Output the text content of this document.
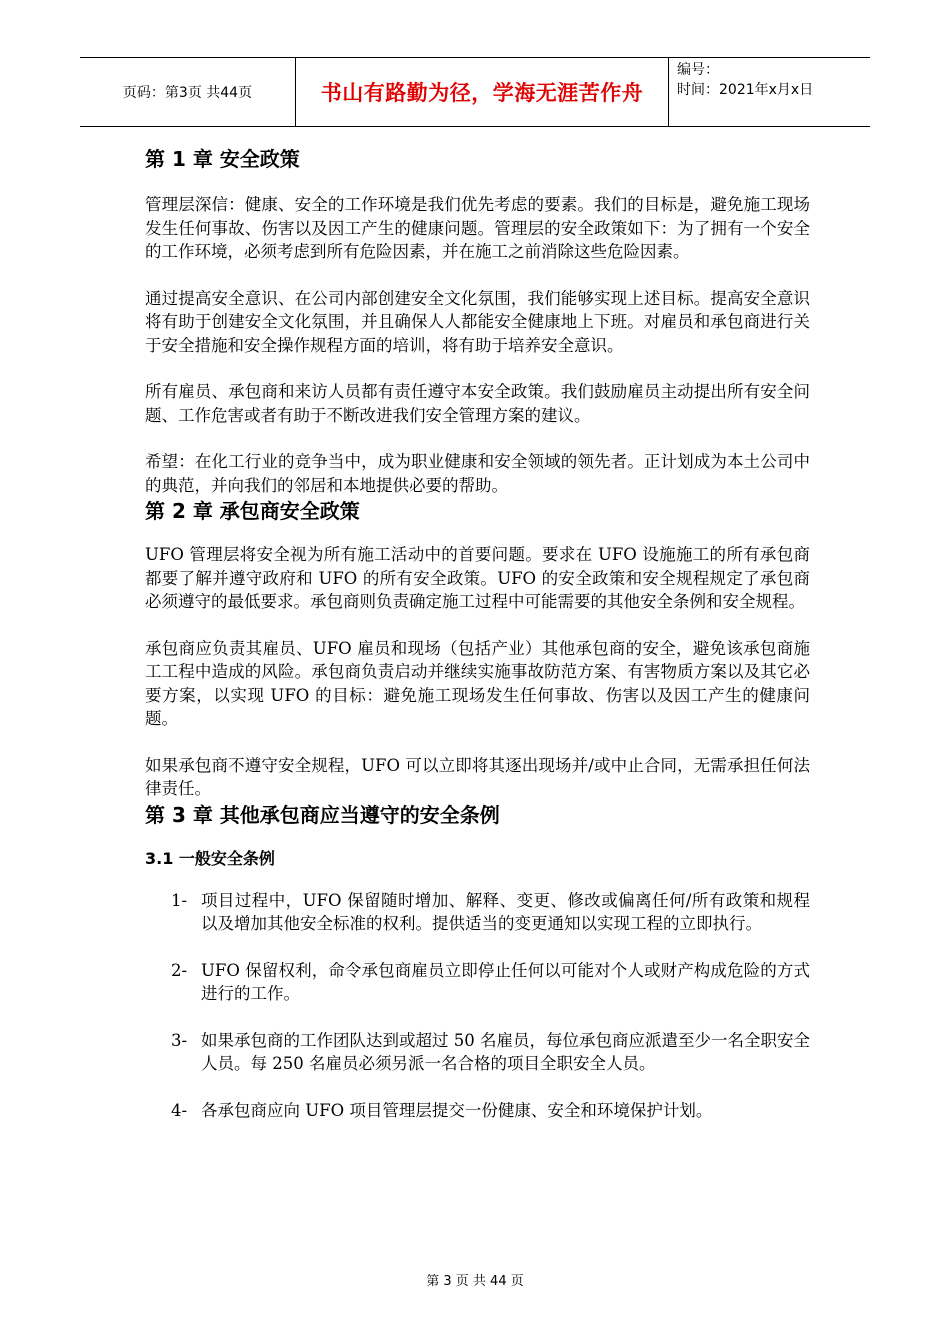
页码：第3页 共44页	书山有路勤为径，学海无涯苦作舟
编号：
时间：2021年x月x日
第 1 章 安全政策

管理层深信：健康、安全的工作环境是我们优先考虑的要素。我们的目标是，避免施工现场发生任何事故、伤害以及因工产生的健康问题。管理层的安全政策如下：为了拥有一个安全的工作环境，必须考虑到所有危险因素，并在施工之前消除这些危险因素。

通过提高安全意识、在公司内部创建安全文化氛围，我们能够实现上述目标。提高安全意识将有助于创建安全文化氛围，并且确保人人都能安全健康地上下班。对雇员和承包商进行关于安全措施和安全操作规程方面的培训，将有助于培养安全意识。

所有雇员、承包商和来访人员都有责任遵守本安全政策。我们鼓励雇员主动提出所有安全问题、工作危害或者有助于不断改进我们安全管理方案的建议。

希望：在化工行业的竞争当中，成为职业健康和安全领域的领先者。正计划成为本土公司中的典范，并向我们的邻居和本地提供必要的帮助。

第 2 章 承包商安全政策

UFO 管理层将安全视为所有施工活动中的首要问题。要求在 UFO 设施施工的所有承包商都要了解并遵守政府和 UFO 的所有安全政策。UFO 的安全政策和安全规程规定了承包商必须遵守的最低要求。承包商则负责确定施工过程中可能需要的其他安全条例和安全规程。

承包商应负责其雇员、UFO 雇员和现场（包括产业）其他承包商的安全，避免该承包商施工工程中造成的风险。承包商负责启动并继续实施事故防范方案、有害物质方案以及其它必要方案，以实现 UFO 的目标：避免施工现场发生任何事故、伤害以及因工产生的健康问题。

如果承包商不遵守安全规程，UFO 可以立即将其逐出现场并/或中止合同，无需承担任何法律责任。

第 3 章 其他承包商应当遵守的安全条例
3.1 一般安全条例
1- 项目过程中，UFO 保留随时增加、解释、变更、修改或偏离任何/所有政策和规程以及增加其他安全标准的权利。提供适当的变更通知以实现工程的立即执行。
2- UFO 保留权利，命令承包商雇员立即停止任何以可能对个人或财产构成危险的方式进行的工作。
3- 如果承包商的工作团队达到或超过 50 名雇员，每位承包商应派遣至少一名全职安全人员。每 250 名雇员必须另派一名合格的项目全职安全人员。
4- 各承包商应向 UFO 项目管理层提交一份健康、安全和环境保护计划。
第 3 页 共 44 页
